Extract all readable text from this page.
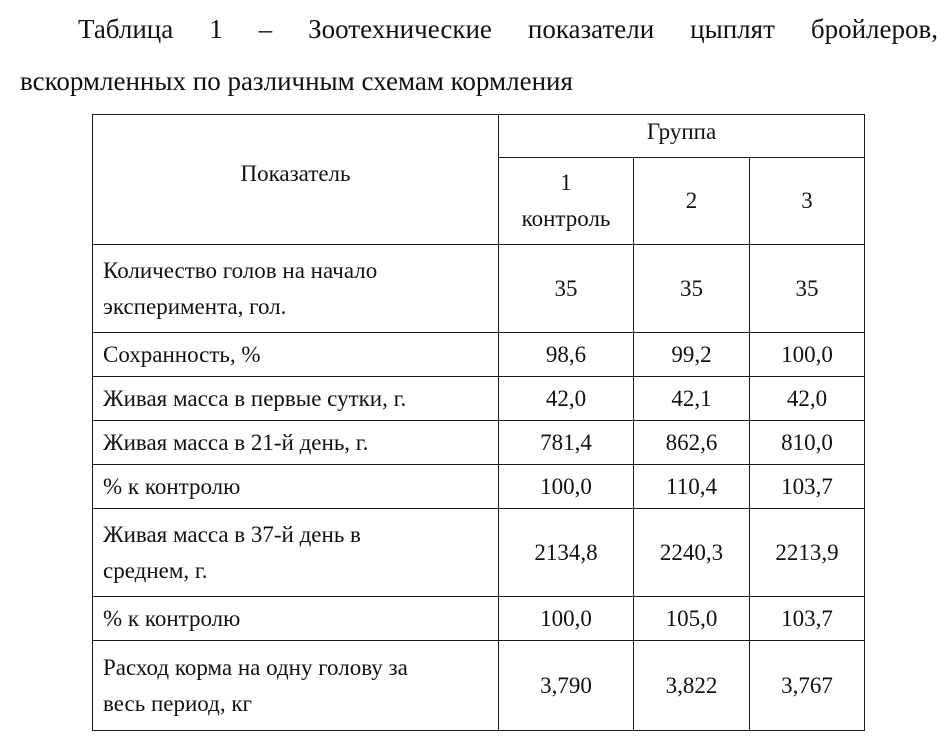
Таблица 1 – Зоотехнические показатели цыплят бройлеров,
вскормленных по различным схемам кормления
Показатель	Группа		

	1
контроль	2	3

Количество голов на начало
эксперимента, гол.	35	35	35
Сохранность, %	98,6	99,2	100,0
Живая масса в первые сутки, г.	42,0	42,1	42,0
Живая масса в 21-й день, г.	781,4	862,6	810,0
% к контролю	100,0	110,4	103,7

Живая масса в 37-й день в
среднем, г.	2134,8	2240,3	2213,9
% к контролю	100,0	105,0	103,7

Расход корма на одну голову за
весь период, кг	3,790	3,822	3,767
